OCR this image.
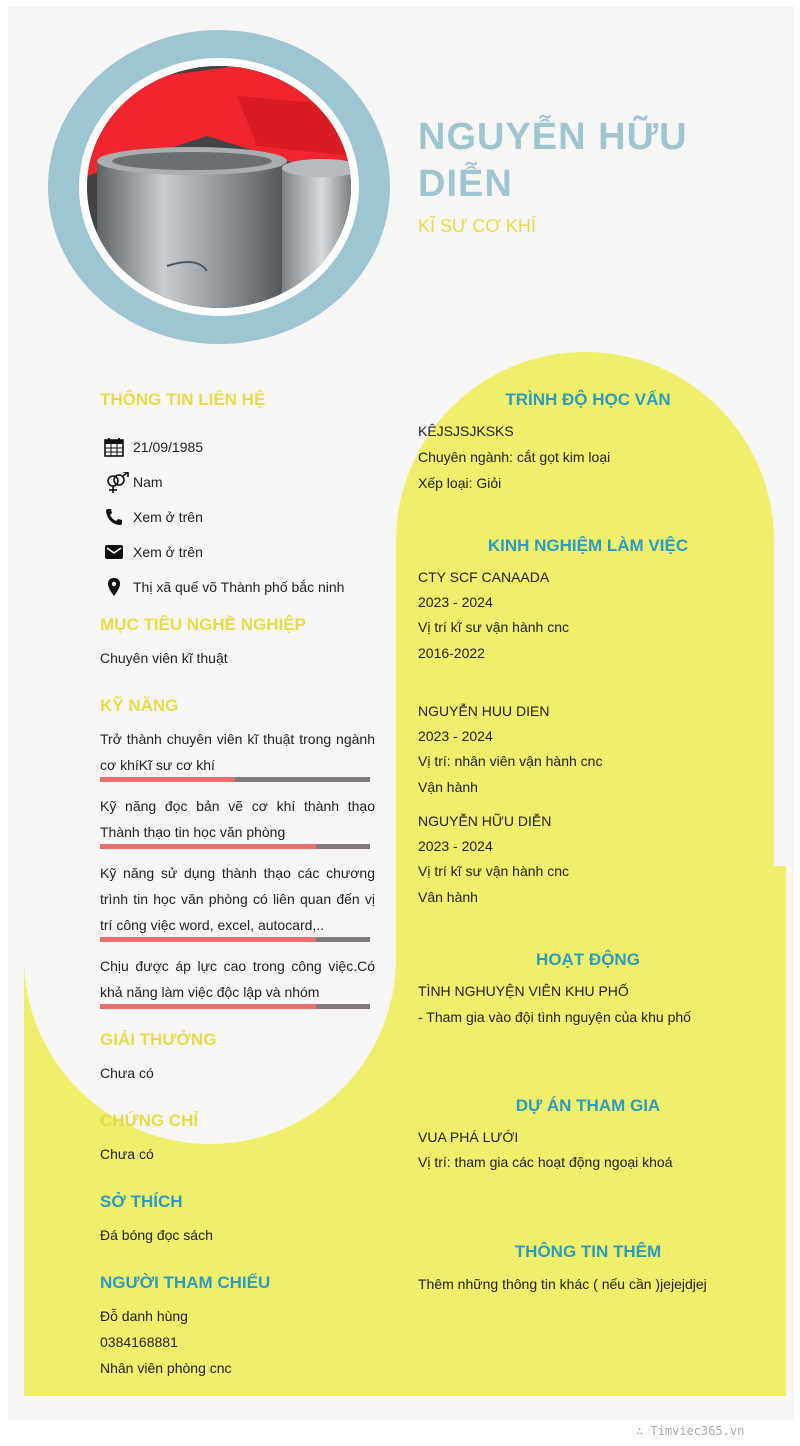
NGUYỄN HỮU DIỄN
KĨ SƯ CƠ KHÍ
THÔNG TIN LIÊN HỆ
21/09/1985
Nam
Xem ở trên
Xem ở trên
Thị xã quế võ Thành phố bắc ninh
MỤC TIÊU NGHỀ NGHIỆP
Chuyên viên kĩ thuật
KỸ NĂNG
Trở thành chuyên viên kĩ thuật trong ngành cơ khíKĩ sư cơ khí
Kỹ năng đọc bản vẽ cơ khí thành thạo Thành thạo tin học văn phòng
Kỹ năng sử dụng thành thạo các chương trình tin học văn phòng có liên quan đến vị trí công việc word, excel, autocard,..
Chịu được áp lực cao trong công việc.Có khả năng làm việc độc lập và nhóm
GIẢI THƯỞNG
Chưa có
CHỨNG CHỈ
Chưa có
SỞ THÍCH
Đá bóng đọc sách
NGƯỜI THAM CHIẾU
Đỗ danh hùng
0384168881
Nhân viên phòng cnc
TRÌNH ĐỘ HỌC VẤN
KÊJSJSJKSKS
Chuyên ngành: cắt gọt kim loại
Xếp loại: Giỏi
KINH NGHIỆM LÀM VIỆC
CTY SCF CANAADA
2023 - 2024
Vị trí kĩ sư vận hành cnc
2016-2022
NGUYỄN HUU DIEN
2023 - 2024
Vị trí: nhân viên vận hành cnc
Vận hành
NGUYỄN HỮU DIỄN
2023 - 2024
Vị trí kĩ sư vận hành cnc
Vân hành
HOẠT ĐỘNG
TÌNH NGHUYỆN VIÊN KHU PHỐ
- Tham gia vào đội tình nguyện của khu phố
DỰ ÁN THAM GIA
VUA PHÁ LƯỚI
Vị trí: tham gia các hoạt động ngoại khoá
THÔNG TIN THÊM
Thêm những thông tin khác ( nếu cần )jejejdjej
∴ Timviec365.vn
